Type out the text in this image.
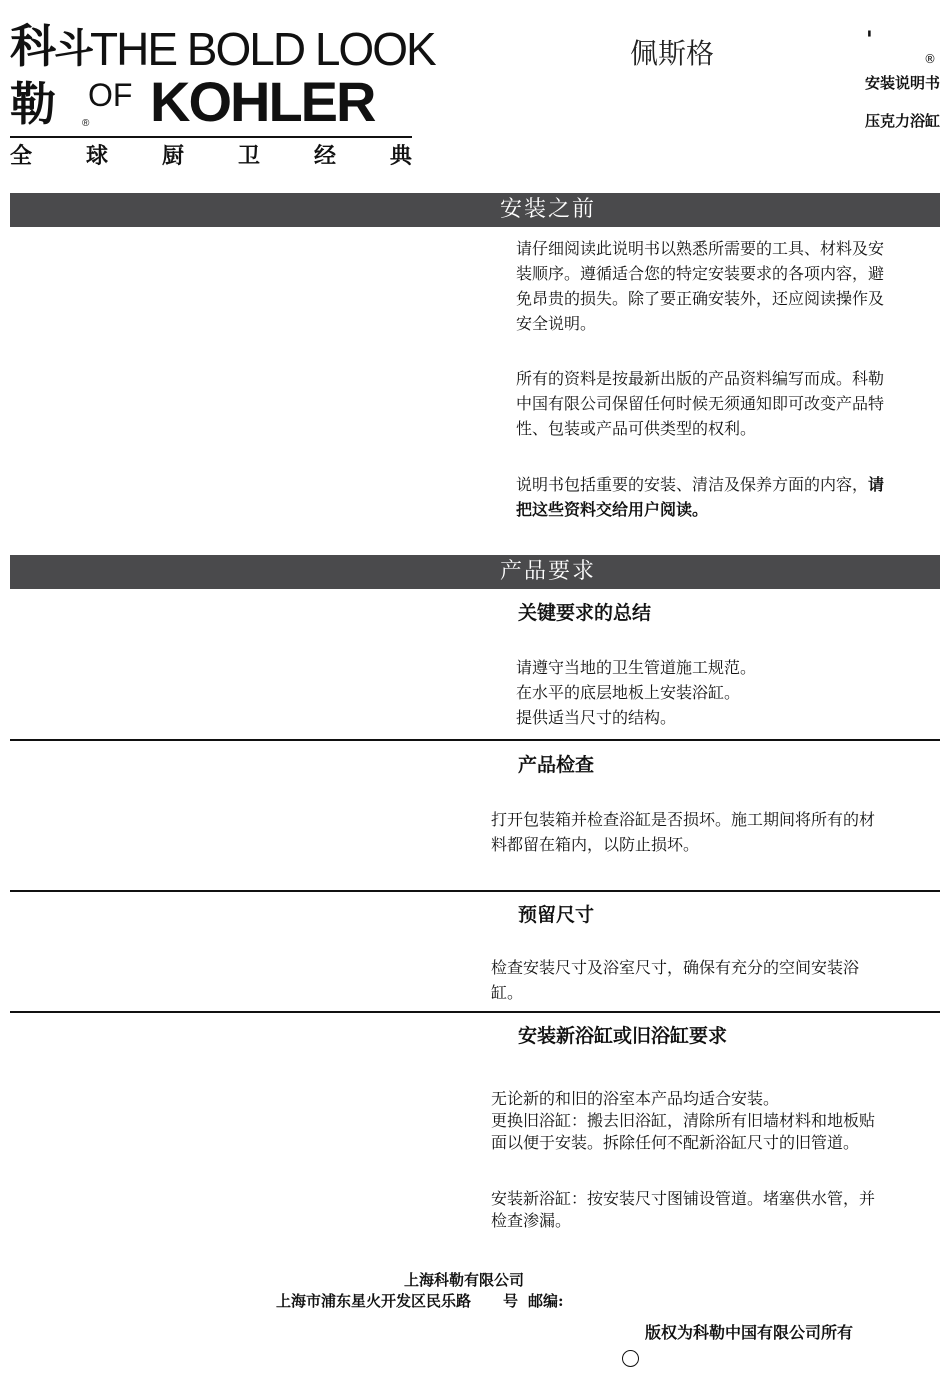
科斗
勒
THE BOLD LOOK
®
OF KOHLER
全 球 厨 卫 经 典
佩斯格	'
®
安装说明书
压克力浴缸
安装之前
请仔细阅读此说明书以熟悉所需要的工具、材料及安
装顺序。遵循适合您的特定安装要求的各项内容，避
免昂贵的损失。除了要正确安装外，还应阅读操作及
安全说明。
所有的资料是按最新出版的产品资料编写而成。科勒
中国有限公司保留任何时候无须通知即可改变产品特
性、包装或产品可供类型的权利。
说明书包括重要的安装、清洁及保养方面的内容，请
把这些资料交给用户阅读。
产品要求
关键要求的总结
请遵守当地的卫生管道施工规范。
在水平的底层地板上安装浴缸。
提供适当尺寸的结构。
产品检查
打开包装箱并检查浴缸是否损坏。施工期间将所有的材
料都留在箱内，以防止损坏。
预留尺寸
检查安装尺寸及浴室尺寸，确保有充分的空间安装浴
缸。
安装新浴缸或旧浴缸要求
无论新的和旧的浴室本产品均适合安装。
更换旧浴缸：搬去旧浴缸，清除所有旧墙材料和地板贴
面以便于安装。拆除任何不配新浴缸尺寸的旧管道。
安装新浴缸：按安装尺寸图铺设管道。堵塞供水管，并
检查渗漏。
上海科勒有限公司
上海市浦东星火开发区民乐路 号 邮编:
版权为科勒中国有限公司所有
